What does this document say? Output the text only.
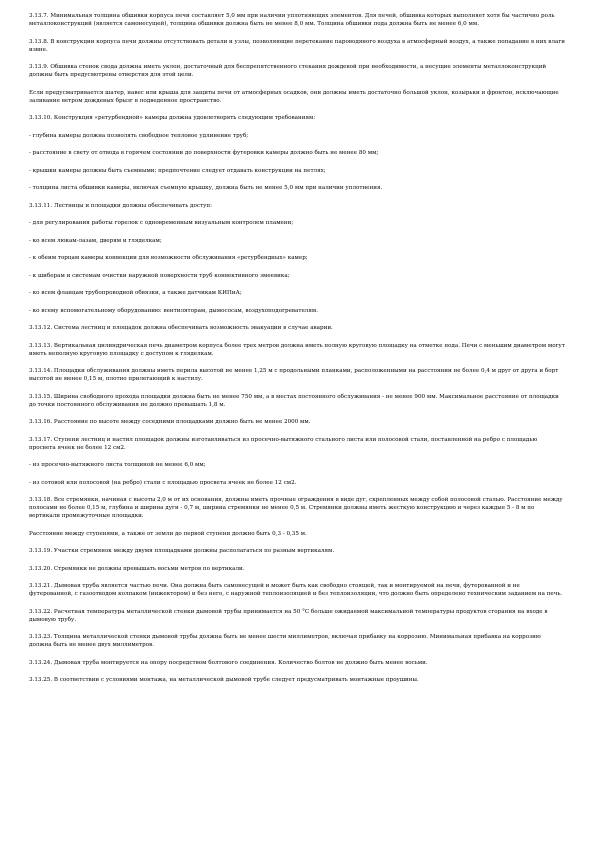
3.13.7. Минимальная толщина обшивки корпуса печи составляет 5,0 мм при наличии уплотняющих элементов. Для печей, обшивка которых выполняет хотя бы частично роль металлоконструкций (является самонесущей), толщина обшивки должна быть не менее 8,0 мм. Толщина обшивки пода должна быть не менее 6,0 мм.

3.13.8. В конструкции корпуса печи должны отсутствовать детали и узлы, позволяющие перетекание пароводяного воздуха в атмосферный воздух, а также попадание в них влаги извне.

3.13.9. Обшивка стенок свода должна иметь уклон, достаточный для беспрепятственного стекания дождевой при необходимости, а несущие элементы металлоконструкций должны быть предусмотрены отверстия для этой цели.

Если предусматривается шатер, навес или крыша для защиты печи от атмосферных осадков, они должны иметь достаточно большой уклон, козырьки и фронтон, исключающие заливание ветром дождевых брызг в подведенное пространство.

3.13.10. Конструкция «ретурбендной» камеры должна удовлетворять следующим требованиям:

- глубина камеры должна позволять свободное тепловое удлинение труб;

- расстояние в свету от отвода в горячем состоянии до поверхности футеровки камеры должно быть не менее 80 мм;

- крышки камеры должны быть съемными; предпочтение следует отдавать конструкции на петлях;

- толщина листа обшивки камеры, включая съемную крышку, должна быть не менее 5,0 мм при наличии уплотнения.

3.13.11. Лестницы и площадки должны обеспечивать доступ:

- для регулирования работы горелок с одновременным визуальным контролем пламени;

- ко всем люкам-лазам, дверям и гляделкам;

- к обеим торцам камеры конвекции для возможности обслуживания «ретурбендных» камер;

- к шиберам и системам очистки наружной поверхности труб конвективного змеевика;

- ко всем фланцам трубопроводной обвязки, а также датчикам КИПиА;

- ко всему вспомогательному оборудованию: вентиляторам, дымососам, воздухоподогревателям.

3.13.12. Система лестниц и площадок должна обеспечивать возможность эвакуации в случае аварии.

3.13.13. Вертикальная цилиндрическая печь диаметром корпуса более трех метров должна иметь полную круговую площадку на отметке пода. Печи с меньшим диаметром могут иметь неполную круговую площадку с доступом к гляделкам.

3.13.14. Площадки обслуживания должны иметь перила высотой не менее 1,25 м с продольными планками, расположенными на расстоянии не более 0,4 м друг от друга и борт высотой не менее 0,15 м, плотно прилегающий к настилу.

3.13.15. Ширина свободного прохода площадки должна быть не менее 750 мм, а в местах постоянного обслуживания - не менее 900 мм. Максимальное расстояние от площадки до точки постоянного обслуживания не должно превышать 1,8 м.

3.13.16. Расстояние по высоте между соседними площадками должно быть не менее 2000 мм.

3.13.17. Ступени лестниц и настил площадок должны изготавливаться из просечно-вытяжного стального листа или полосовой стали, поставленной на ребро с площадью просвета ячеек не более 12 см2.

- из просечно-вытяжного листа толщиной не менее 6,0 мм;

- из сотовой или полосовой (на ребро) стали с площадью просвета ячеек не более 12 см2.

3.13.18. Все стремянки, начиная с высоты 2,0 м от их основания, должны иметь прочные ограждения в виде дуг, скрепленных между собой полосовой сталью. Расстояние между полосами не более 0,15 м, глубина и ширина дуги - 0,7 м, ширина стремянки не менее 0,5 м. Стремянки должны иметь жесткую конструкцию и через каждые 5 - 8 м по вертикали промежуточные площадки.

Расстояние между ступенями, а также от земли до первой ступени должно быть 0,3 - 0,35 м.

3.13.19. Участки стремянок между двумя площадками должны располагаться по разным вертикалям.

3.13.20. Стремянки не должны превышать восьми метров по вертикали.

3.13.21. Дымовая труба является частью печи. Она должна быть самонесущей и может быть как свободно стоящей, так и монтируемой на печи, футерованной и не футерованной, с газоотводом колпаком (инжектором) и без него, с наружной теплоизоляцией и без теплоизоляции, что должно быть определено техническим заданием на печь.

3.13.22. Расчетная температура металлической стенки дымовой трубы принимается на 50 °С больше ожидаемой максимальной температуры продуктов сгорания на входе в дымовую трубу.

3.13.23. Толщина металлической стенки дымовой трубы должна быть не менее шести миллиметров, включая прибавку на коррозию. Минимальная прибавка на коррозию должна быть не менее двух миллиметров.

3.13.24. Дымовая труба монтируется на опору посредством болтового соединения. Количество болтов не должно быть менее восьми.

3.13.25. В соответствии с условиями монтажа, на металлической дымовой трубе следует предусматривать монтажные проушины.
